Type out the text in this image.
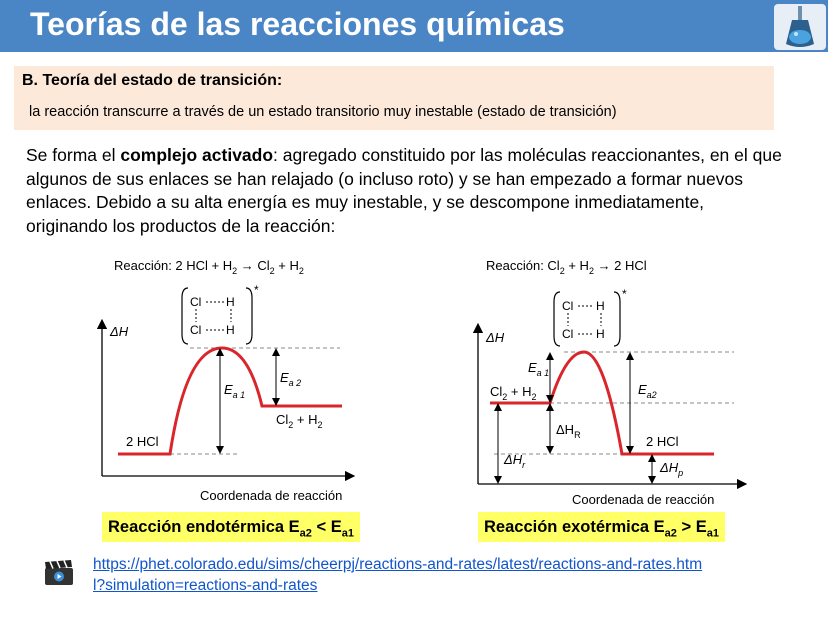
Teorías de las reacciones químicas
B. Teoría del estado de transición:
la reacción transcurre a través de un estado transitorio muy inestable (estado de transición)
Se forma el complejo activado: agregado constituido por las moléculas reaccionantes, en el que algunos de sus enlaces se han relajado (o incluso roto) y se han empezado a formar nuevos enlaces. Debido a su alta energía es muy inestable, y se descompone inmediatamente, originando los productos de la reacción:
Reacción: 2 HCl + $H_2 \to Cl_2 + H_2$
Cl H
Cl H
*
ΔH
$E_{a 1}$
$E_{a 2}$
2 HCl
$Cl_2 + H_2$
Coordenada de reacción
Reacción: $Cl_2 + H_2 \to 2$ HCl
Cl H
Cl H
*
ΔH
$E_{a 1}$
$E_{a2}$
$Cl_2 + H_2$
$\Delta H_R$
$\Delta H_r$
2 HCl
$\Delta H_p$
Coordenada de reacción
Reacción endotérmica $E_{a2} < E_{a1}$	Reacción exotérmica $E_{a2} > E_{a1}$
https://phet.colorado.edu/sims/cheerpj/reactions-and-rates/latest/reactions-and-rates.html?simulation=reactions-and-rates
